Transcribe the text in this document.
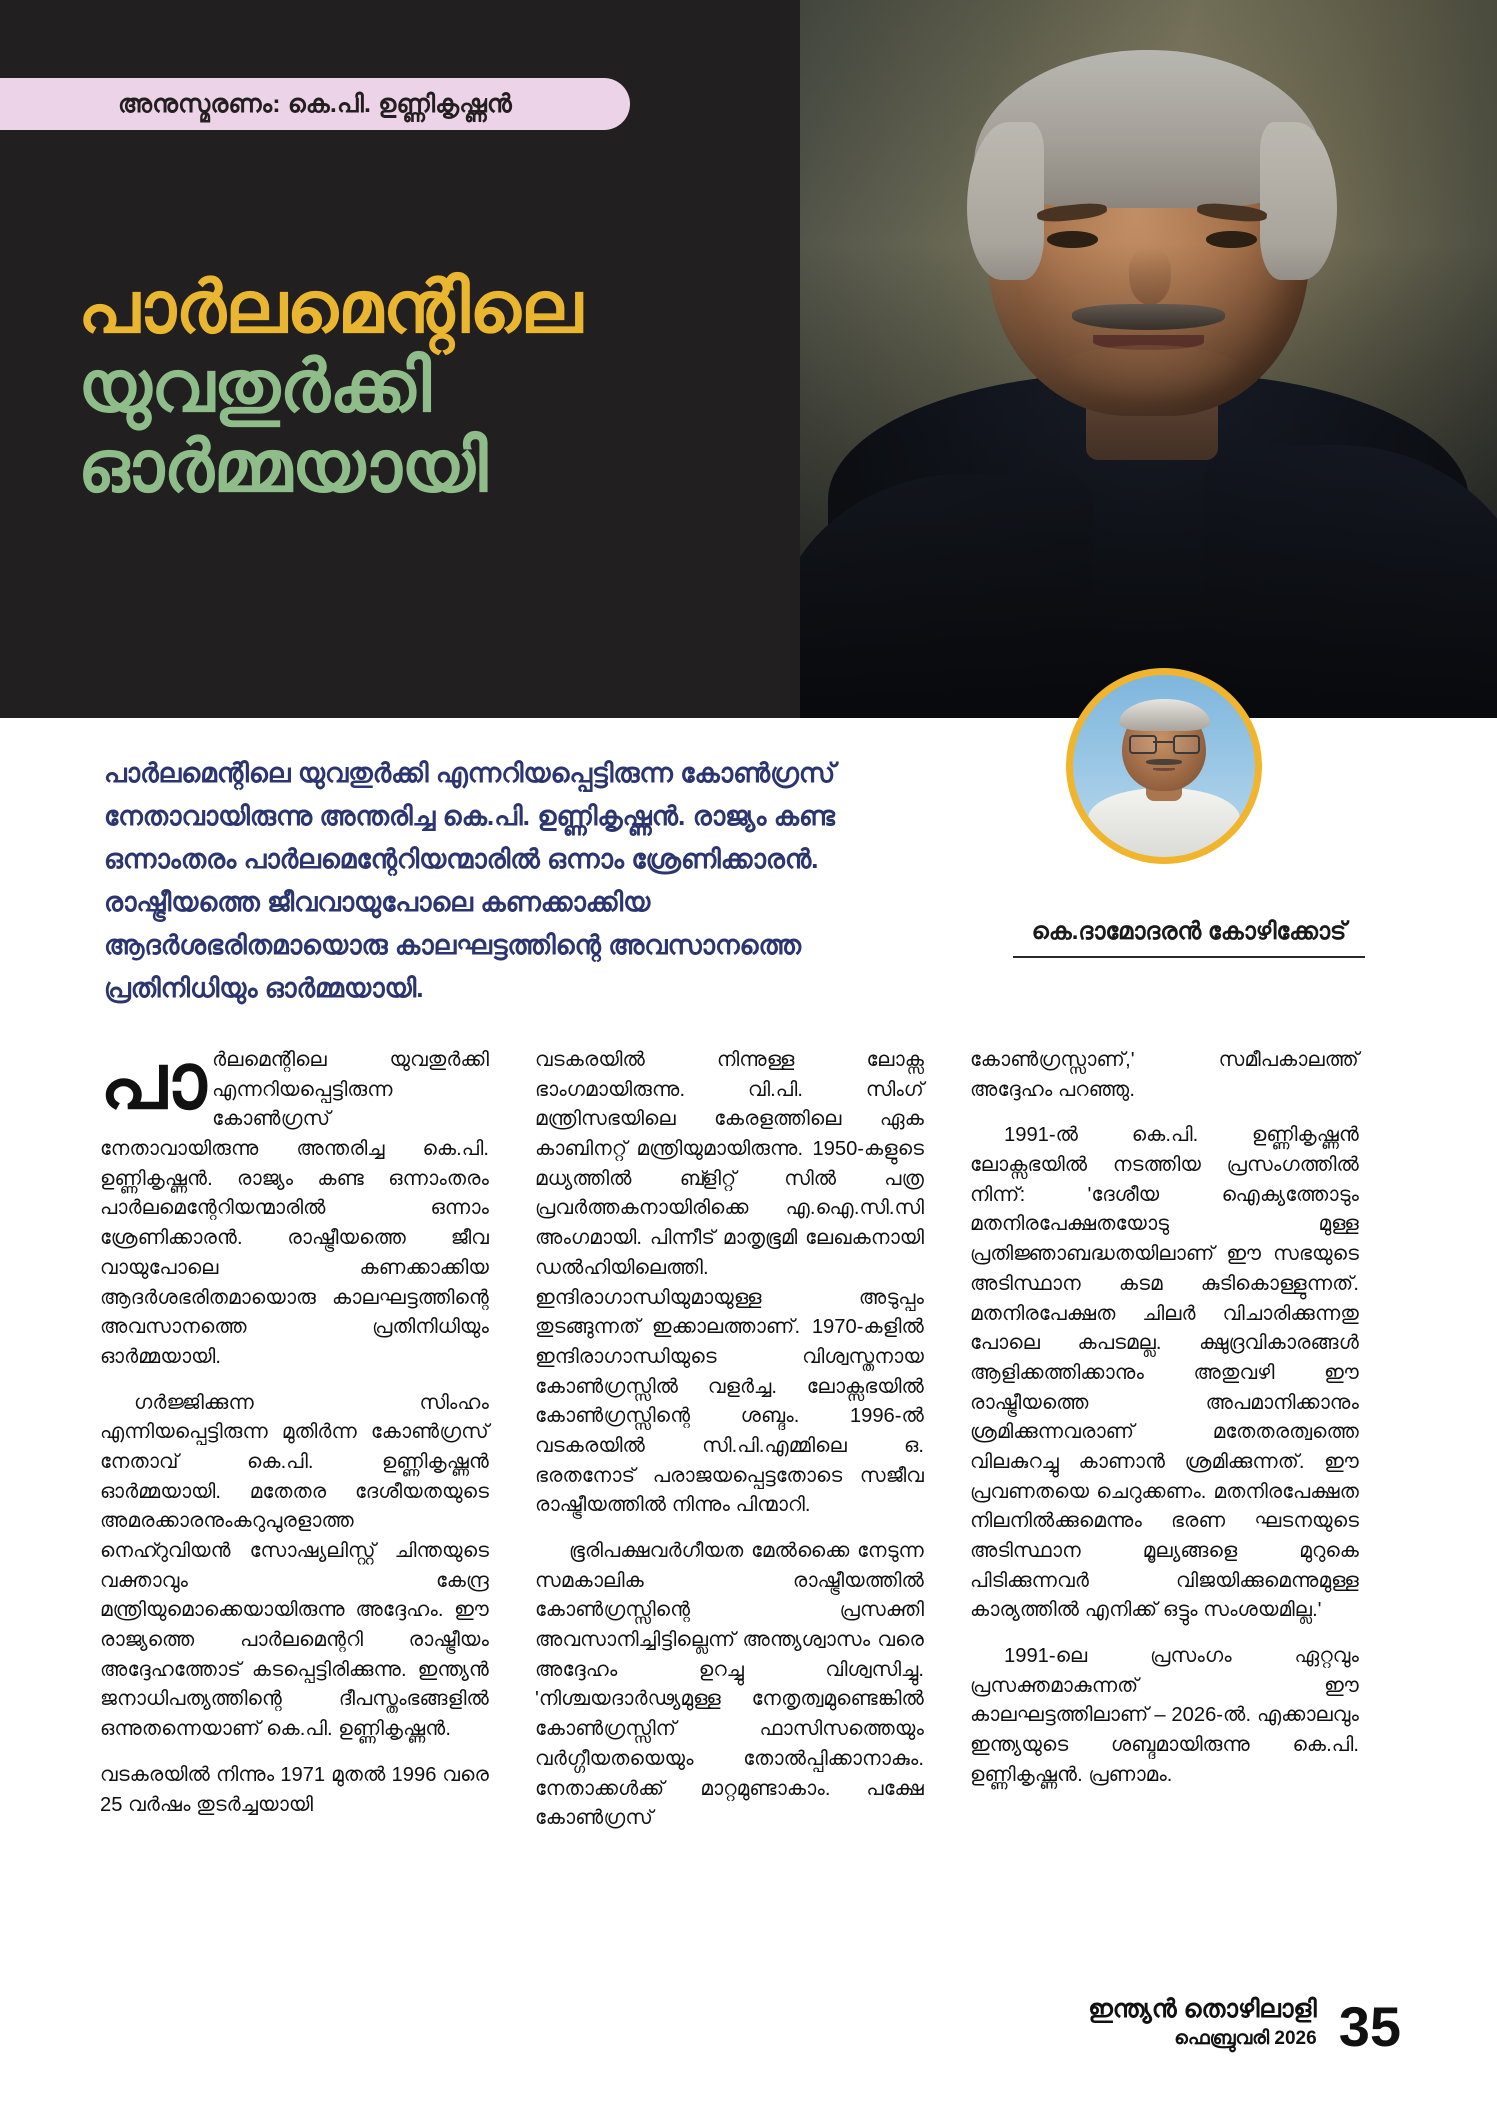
അനുസ്മരണം: കെ.പി. ഉണ്ണികൃഷ്ണൻ
പാർലമെന്റിലെ
യുവതുർക്കി
ഓർമ്മയായി

പാർലമെന്റിലെ യുവതുർക്കി എന്നറിയപ്പെട്ടിരുന്ന കോൺഗ്രസ് നേതാവായിരുന്നു അന്തരിച്ച കെ.പി. ഉണ്ണികൃഷ്ണൻ. രാജ്യം കണ്ട ഒന്നാംതരം പാർലമെന്റേറിയന്മാരിൽ ഒന്നാം ശ്രേണിക്കാരൻ. രാഷ്ട്രീയത്തെ ജീവവായുപോലെ കണക്കാക്കിയ ആദർശഭരിതമായൊരു കാലഘട്ടത്തിന്റെ അവസാനത്തെ പ്രതിനിധിയും ഓർമ്മയായി.

കെ.ദാമോദരൻ കോഴിക്കോട്

പാർലമെന്റിലെ യുവതുർക്കി എന്നറിയപ്പെട്ടിരുന്ന കോൺഗ്രസ് നേതാവായിരുന്നു അന്തരിച്ച കെ.പി. ഉണ്ണികൃഷ്ണൻ. രാജ്യം കണ്ട ഒന്നാംതരം പാർലമെന്റേറിയന്മാരിൽ ഒന്നാം ശ്രേണിക്കാരൻ. രാഷ്ട്രീയത്തെ ജീവ വായുപോലെ കണക്കാക്കിയ ആദർശഭരിതമായൊരു കാലഘട്ടത്തിന്റെ അവസാനത്തെ പ്രതിനിധിയും ഓർമ്മയായി.

ഗർജ്ജിക്കുന്ന സിംഹം എന്നിയപ്പെട്ടിരുന്ന മുതിർന്ന കോൺഗ്രസ് നേതാവ് കെ.പി. ഉണ്ണികൃഷ്ണൻ ഓർമ്മയായി. മതേതര ദേശീയതയുടെ അമരക്കാരനുംകറുപുരളാത്ത നെഹ്റുവിയൻ സോഷ്യലിസ്റ്റ് ചിന്തയുടെ വക്താവും കേന്ദ്ര മന്ത്രിയുമൊക്കെയായിരുന്നു അദ്ദേഹം. ഈ രാജ്യത്തെ പാർലമെന്ററി രാഷ്ട്രീയം അദ്ദേഹത്തോട് കടപ്പെട്ടിരിക്കുന്നു. ഇന്ത്യൻ ജനാധിപത്യത്തിന്റെ ദീപസ്തംഭങ്ങളിൽ ഒന്നുതന്നെയാണ് കെ.പി. ഉണ്ണികൃഷ്ണൻ.

വടകരയിൽ നിന്നും 1971 മുതൽ 1996 വരെ 25 വർഷം തുടർച്ചയായി

വടകരയിൽ നിന്നുള്ള ലോക്സ ഭാംഗമായിരുന്നു. വി.പി. സിംഗ് മന്ത്രിസഭയിലെ കേരളത്തിലെ ഏക കാബിനറ്റ് മന്ത്രിയുമായിരുന്നു. 1950-കളുടെ മധ്യത്തിൽ ബ്ളിറ്റ് സിൽ പത്ര പ്രവർത്തകനായിരിക്കെ എ.ഐ.സി.സി അംഗമായി. പിന്നീട് മാതൃഭൂമി ലേഖകനായി ഡൽഹിയിലെത്തി. ഇന്ദിരാഗാന്ധിയുമായുള്ള അടുപ്പം തുടങ്ങുന്നത് ഇക്കാലത്താണ്. 1970-കളിൽ ഇന്ദിരാഗാന്ധിയുടെ വിശ്വസ്തനായ കോൺഗ്രസ്സിൽ വളർച്ച. ലോക്സഭയിൽ കോൺഗ്രസ്സിന്റെ ശബ്ദം. 1996-ൽ വടകരയിൽ സി.പി.എമ്മിലെ ഒ. ഭരതനോട് പരാജയപ്പെട്ടതോടെ സജീവ രാഷ്ട്രീയത്തിൽ നിന്നും പിന്മാറി.

ഭൂരിപക്ഷവർഗീയത മേൽക്കൈ നേടുന്ന സമകാലിക രാഷ്ട്രീയത്തിൽ കോൺഗ്രസ്സിന്റെ പ്രസക്തി അവസാനിച്ചിട്ടില്ലെന്ന് അന്ത്യശ്വാസം വരെ അദ്ദേഹം ഉറച്ചു വിശ്വസിച്ചു. 'നിശ്ചയദാർഢ്യമുള്ള നേതൃത്വമുണ്ടെങ്കിൽ കോൺഗ്രസ്സിന് ഫാസിസത്തെയും വർഗ്ഗീയതയെയും തോൽപ്പിക്കാനാകും. നേതാക്കൾക്ക് മാറ്റമുണ്ടാകാം. പക്ഷേ കോൺഗ്രസ്

കോൺഗ്രസ്സാണ്,' സമീപകാലത്ത് അദ്ദേഹം പറഞ്ഞു.

1991-ൽ കെ.പി. ഉണ്ണികൃഷ്ണൻ ലോക്സഭയിൽ നടത്തിയ പ്രസംഗത്തിൽ നിന്ന്: 'ദേശീയ ഐക്യത്തോടും മതനിരപേക്ഷതയോടു മുള്ള പ്രതിജ്ഞാബദ്ധതയിലാണ് ഈ സഭയുടെ അടിസ്ഥാന കടമ കുടികൊള്ളുന്നത്. മതനിരപേക്ഷത ചിലർ വിചാരിക്കുന്നതു പോലെ കപടമല്ല. ക്ഷുദ്രവികാരങ്ങൾ ആളിക്കത്തിക്കാനും അതുവഴി ഈ രാഷ്ട്രീയത്തെ അപമാനിക്കാനും ശ്രമിക്കുന്നവരാണ് മതേതരത്വത്തെ വിലകുറച്ചു കാണാൻ ശ്രമിക്കുന്നത്. ഈ പ്രവണതയെ ചെറുക്കണം. മതനിരപേക്ഷത നിലനിൽക്കുമെന്നും ഭരണ ഘടനയുടെ അടിസ്ഥാന മൂല്യങ്ങളെ മുറുകെ പിടിക്കുന്നവർ വിജയിക്കുമെന്നുമുള്ള കാര്യത്തിൽ എനിക്ക് ഒട്ടും സംശയമില്ല.'

1991-ലെ പ്രസംഗം ഏറ്റവും പ്രസക്തമാകുന്നത് ഈ കാലഘട്ടത്തിലാണ് – 2026-ൽ. എക്കാലവും ഇന്ത്യയുടെ ശബ്ദമായിരുന്നു കെ.പി. ഉണ്ണികൃഷ്ണൻ. പ്രണാമം.

ഇന്ത്യൻ തൊഴിലാളി
ഫെബ്രുവരി 2026 35
